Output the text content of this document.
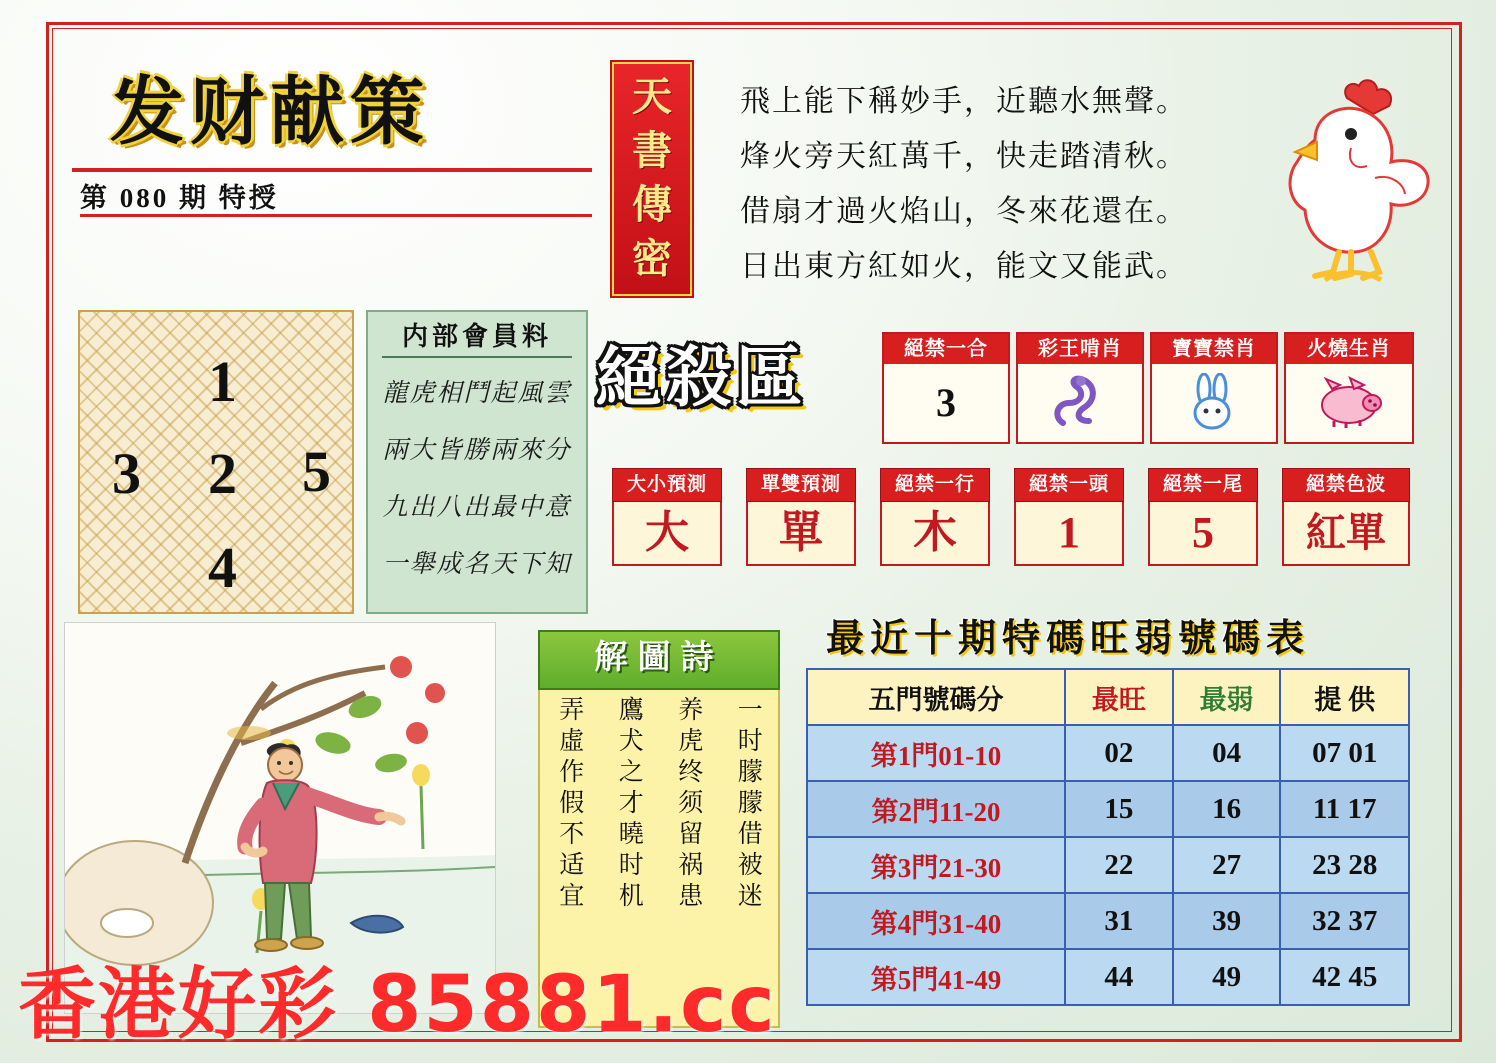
发财献策
第 080 期 特授
天書傳密
飛上能下稱妙手，近聽水無聲。
烽火旁天紅萬千，快走踏清秋。
借扇才過火焰山，冬來花還在。
日出東方紅如火，能文又能武。
1
3 2 5
4
内部會員料
龍虎相鬥起風雲
兩大皆勝兩來分
九出八出最中意
一舉成名天下知
絕殺區	絕禁一合
3
彩王啃肖	寶寶禁肖	火燒生肖
大小預測
大
單雙預測
單
絕禁一行
木
絕禁一頭
1
絕禁一尾
5
絕禁色波
紅單
解圖詩
一时朦朦借被迷
养虎终须留祸患
鷹犬之才曉时机
弄虛作假不适宜
最近十期特碼旺弱號碼表
五門號碼分	最旺	最弱	提 供
第1門01-10	02	04	07 01
第2門11-20	15	16	11 17
第3門21-30	22	27	23 28
第4門31-40	31	39	32 37
第5門41-49	44	49	42 45
香港好彩 85881.cc
